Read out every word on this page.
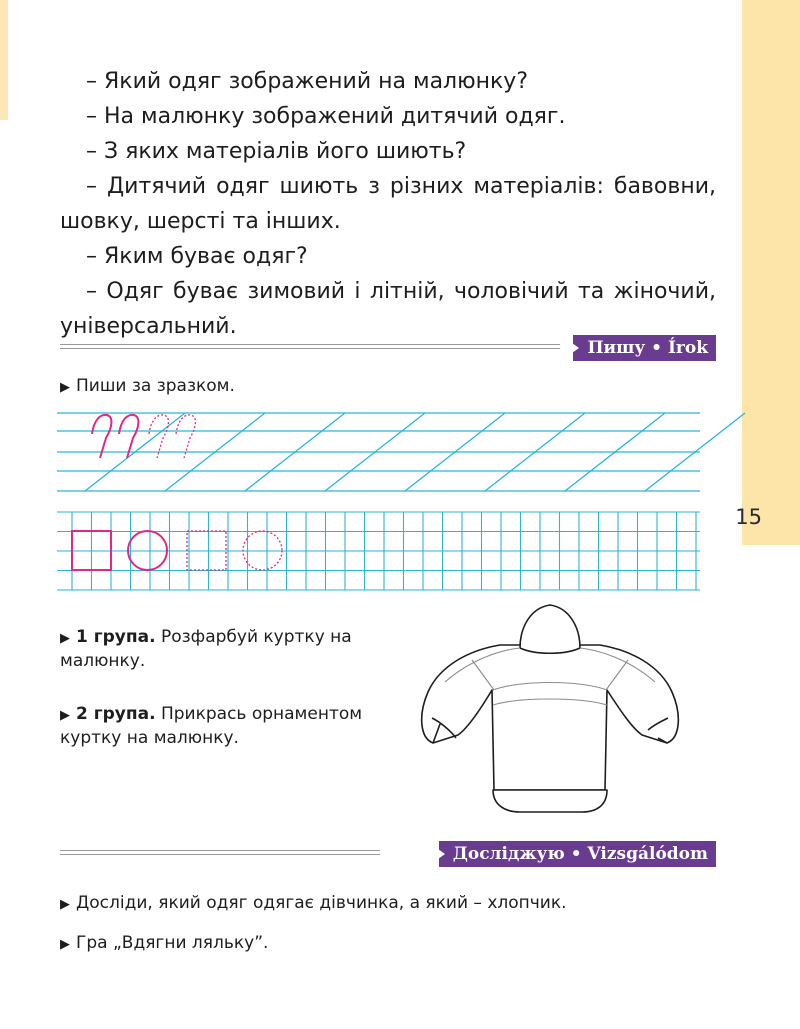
15

– Який одяг зображений на малюнку?

– На малюнку зображений дитячий одяг.

– З яких матеріалів його шиють?

– Дитячий одяг шиють з різних матеріалів: бавовни, шовку, шерсті та інших.

– Яким буває одяг?

– Одяг буває зимовий і літній, чоловічий та жіночий, універсальний.

Пишу • Írok
▶ Пиши за зразком.
▶ 1 група. Розфарбуй куртку на малюнку.
▶ 2 група. Прикрась орнаментом куртку на малюнку.
Досліджую • Vizsgálódom
▶ Досліди, який одяг одягає дівчинка, а який – хлопчик.
▶ Гра „Вдягни ляльку”.
